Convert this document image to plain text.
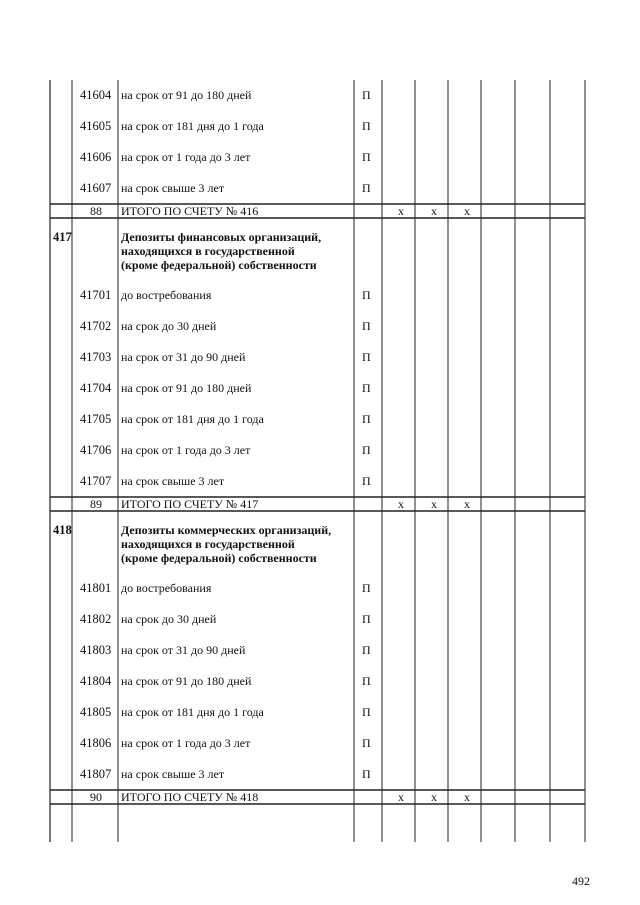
41604 на срок от 91 до 180 дней	П
41605 на срок от 181 дня до 1 года	П
41606 на срок от 1 года до 3 лет	П
41607 на срок свыше 3 лет	П
88 ИТОГО ПО СЧЕТУ № 416	х х х
417	Депозиты финансовых организаций,
находящихся в государственной
(кроме федеральной) собственности
41701 до востребования	П
41702 на срок до 30 дней	П
41703 на срок от 31 до 90 дней	П
41704 на срок от 91 до 180 дней	П
41705 на срок от 181 дня до 1 года	П
41706 на срок от 1 года до 3 лет	П
41707 на срок свыше 3 лет	П
89 ИТОГО ПО СЧЕТУ № 417	х х х
418	Депозиты коммерческих организаций,
находящихся в государственной
(кроме федеральной) собственности
41801 до востребования	П
41802 на срок до 30 дней	П
41803 на срок от 31 до 90 дней	П
41804 на срок от 91 до 180 дней	П
41805 на срок от 181 дня до 1 года	П
41806 на срок от 1 года до 3 лет	П
41807 на срок свыше 3 лет	П
90 ИТОГО ПО СЧЕТУ № 418	х х х
492
